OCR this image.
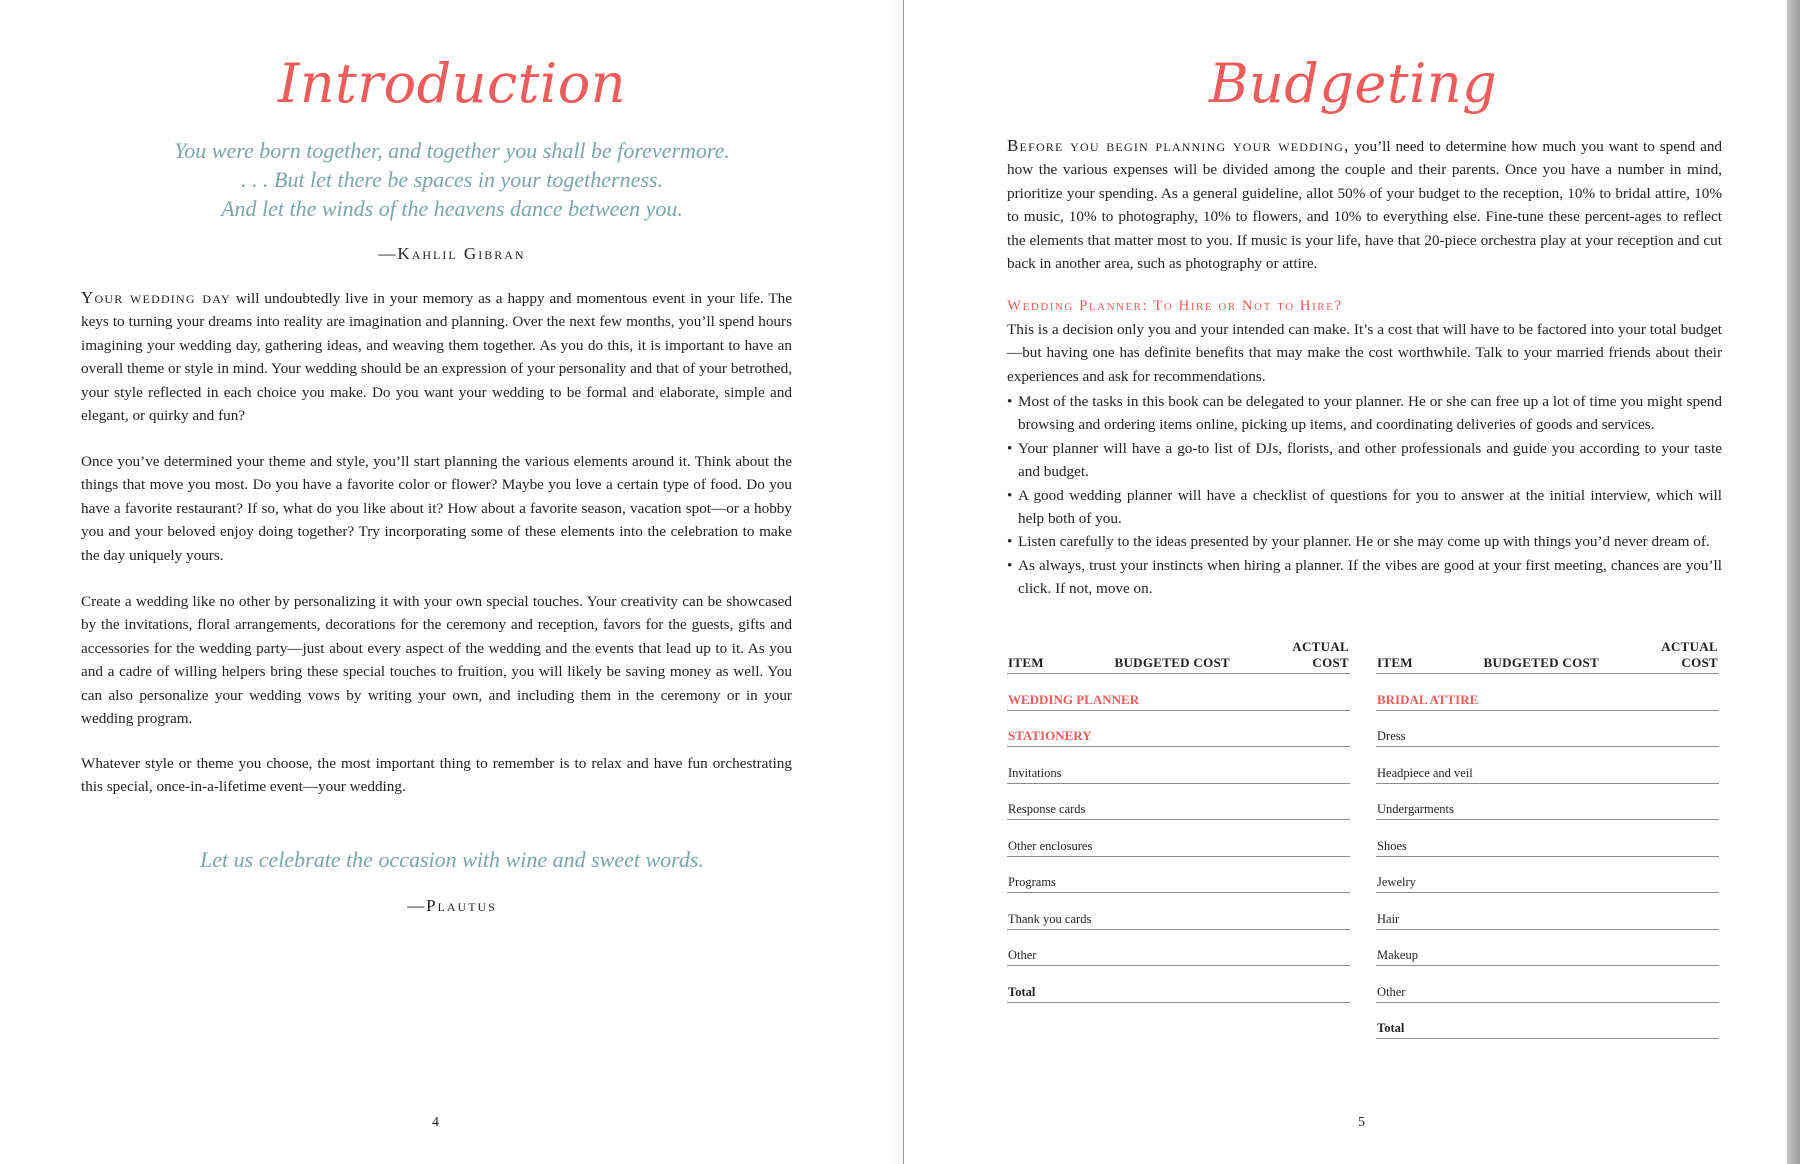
Introduction
You were born together, and together you shall be forevermore.
. . . But let there be spaces in your togetherness.
And let the winds of the heavens dance between you.
—Kahlil Gibran

Your wedding day will undoubtedly live in your memory as a happy and momentous event in your life. The keys to turning your dreams into reality are imagination and planning. Over the next few months, you’ll spend hours imagining your wedding day, gathering ideas, and weaving them together. As you do this, it is important to have an overall theme or style in mind. Your wedding should be an expression of your personality and that of your betrothed, your style reflected in each choice you make. Do you want your wedding to be formal and elaborate, simple and elegant, or quirky and fun?

Once you’ve determined your theme and style, you’ll start planning the various elements around it. Think about the things that move you most. Do you have a favorite color or flower? Maybe you love a certain type of food. Do you have a favorite restaurant? If so, what do you like about it? How about a favorite season, vacation spot—or a hobby you and your beloved enjoy doing together? Try incorporating some of these elements into the celebration to make the day uniquely yours.

Create a wedding like no other by personalizing it with your own special touches. Your creativity can be showcased by the invitations, floral arrangements, decorations for the ceremony and reception, favors for the guests, gifts and accessories for the wedding party—just about every aspect of the wedding and the events that lead up to it. As you and a cadre of willing helpers bring these special touches to fruition, you will likely be saving money as well. You can also personalize your wedding vows by writing your own, and including them in the ceremony or in your wedding program.

Whatever style or theme you choose, the most important thing to remember is to relax and have fun orchestrating this special, once-in-a-lifetime event—your wedding.

Let us celebrate the occasion with wine and sweet words.
—Plautus
4
Budgeting

Before you begin planning your wedding, you’ll need to determine how much you want to spend and how the various expenses will be divided among the couple and their parents. Once you have a number in mind, prioritize your spending. As a general guideline, allot 50% of your budget to the reception, 10% to bridal attire, 10% to music, 10% to photography, 10% to flowers, and 10% to everything else. Fine-tune these percent-ages to reflect the elements that matter most to you. If music is your life, have that 20-piece orchestra play at your reception and cut back in another area, such as photography or attire.

Wedding Planner: To Hire or Not to Hire?

This is a decision only you and your intended can make. It’s a cost that will have to be factored into your total budget—but having one has definite benefits that may make the cost worthwhile. Talk to your married friends about their experiences and ask for recommendations.

• Most of the tasks in this book can be delegated to your planner. He or she can free up a lot of time you might spend browsing and ordering items online, picking up items, and coordinating deliveries of goods and services.
• Your planner will have a go-to list of DJs, florists, and other professionals and guide you according to your taste and budget.
• A good wedding planner will have a checklist of questions for you to answer at the initial interview, which will help both of you.
• Listen carefully to the ideas presented by your planner. He or she may come up with things you’d never dream of.
• As always, trust your instincts when hiring a planner. If the vibes are good at your first meeting, chances are you’ll click. If not, move on.
ITEM	BUDGETED COST
ACTUAL COST
WEDDING PLANNER
STATIONERY
Invitations
Response cards
Other enclosures
Programs
Thank you cards
Other
Total
ITEM	BUDGETED COST
ACTUAL COST
BRIDAL ATTIRE
Dress
Headpiece and veil
Undergarments
Shoes
Jewelry
Hair
Makeup
Other
Total
5
